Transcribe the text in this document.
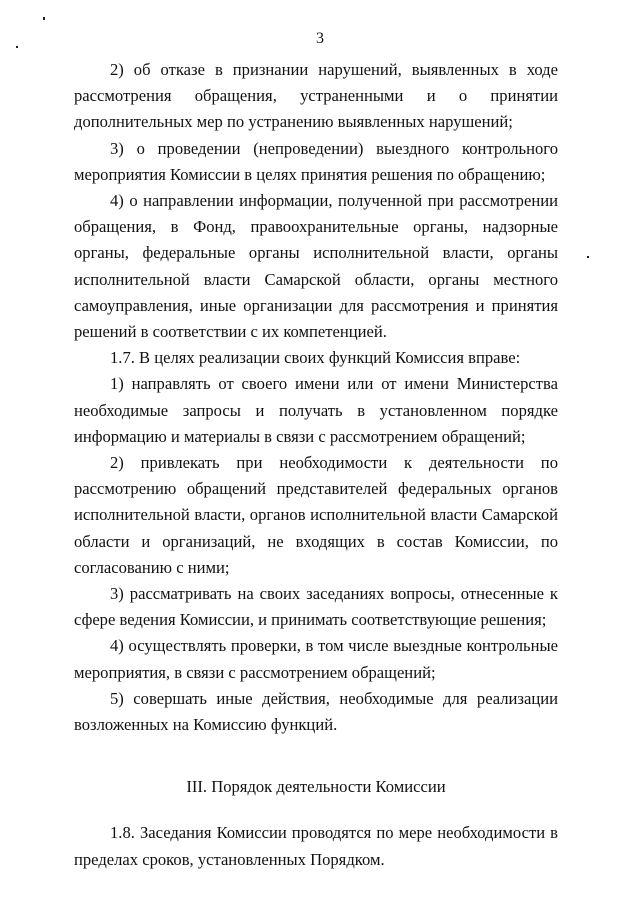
3

2) об отказе в признании нарушений, выявленных в ходе рассмотрения обращения, устраненными и о принятии дополнительных мер по устранению выявленных нарушений;

3) о проведении (непроведении) выездного контрольного мероприятия Комиссии в целях принятия решения по обращению;

4) о направлении информации, полученной при рассмотрении обращения, в Фонд, правоохранительные органы, надзорные органы, федеральные органы исполнительной власти, органы исполнительной власти Самарской области, органы местного самоуправления, иные организации для рассмотрения и принятия решений в соответствии с их компетенцией.

1.7. В целях реализации своих функций Комиссия вправе:

1) направлять от своего имени или от имени Министерства необходимые запросы и получать в установленном порядке информацию и материалы в связи с рассмотрением обращений;

2) привлекать при необходимости к деятельности по рассмотрению обращений представителей федеральных органов исполнительной власти, органов исполнительной власти Самарской области и организаций, не входящих в состав Комиссии, по согласованию с ними;

3) рассматривать на своих заседаниях вопросы, отнесенные к сфере ведения Комиссии, и принимать соответствующие решения;

4) осуществлять проверки, в том числе выездные контрольные мероприятия, в связи с рассмотрением обращений;

5) совершать иные действия, необходимые для реализации возложенных на Комиссию функций.

III. Порядок деятельности Комиссии

1.8. Заседания Комиссии проводятся по мере необходимости в пределах сроков, установленных Порядком.
